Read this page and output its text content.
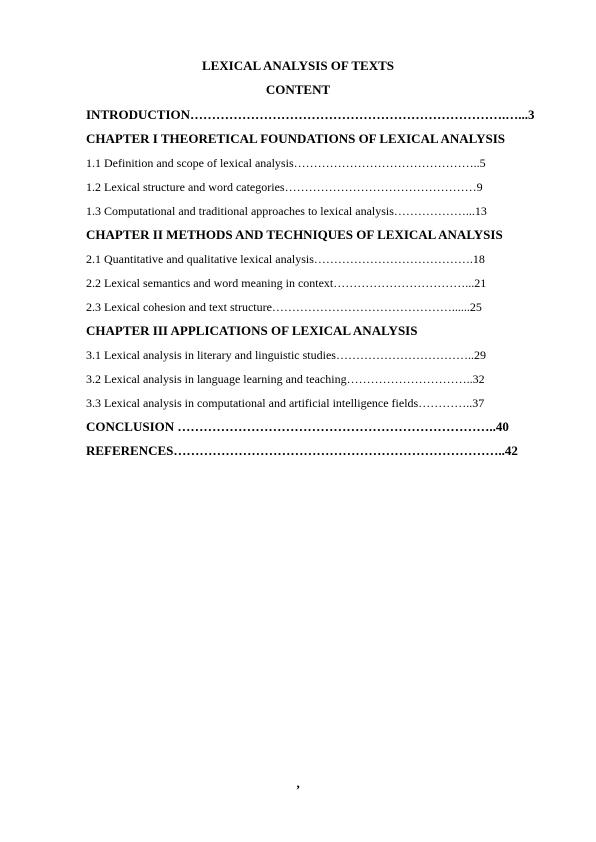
LEXICAL ANALYSIS OF TEXTS
CONTENT
INTRODUCTION……………………………………………………………….…...3
CHAPTER I THEORETICAL FOUNDATIONS OF LEXICAL ANALYSIS
1.1 Definition and scope of lexical analysis………………………………………..5
1.2 Lexical structure and word categories…………………………………………9
1.3 Computational and traditional approaches to lexical analysis………………...13
CHAPTER II METHODS AND TECHNIQUES OF LEXICAL ANALYSIS
2.1 Quantitative and qualitative lexical analysis………………………………….18
2.2 Lexical semantics and word meaning in context……………………………...21
2.3 Lexical cohesion and text structure………………………………………......25
CHAPTER III APPLICATIONS OF LEXICAL ANALYSIS
3.1 Lexical analysis in literary and linguistic studies……………………………..29
3.2 Lexical analysis in language learning and teaching…………………………..32
3.3 Lexical analysis in computational and artificial intelligence fields…………..37
CONCLUSION ………………………………………………………………..40
REFERENCES…………………………………………………………………..42
’
